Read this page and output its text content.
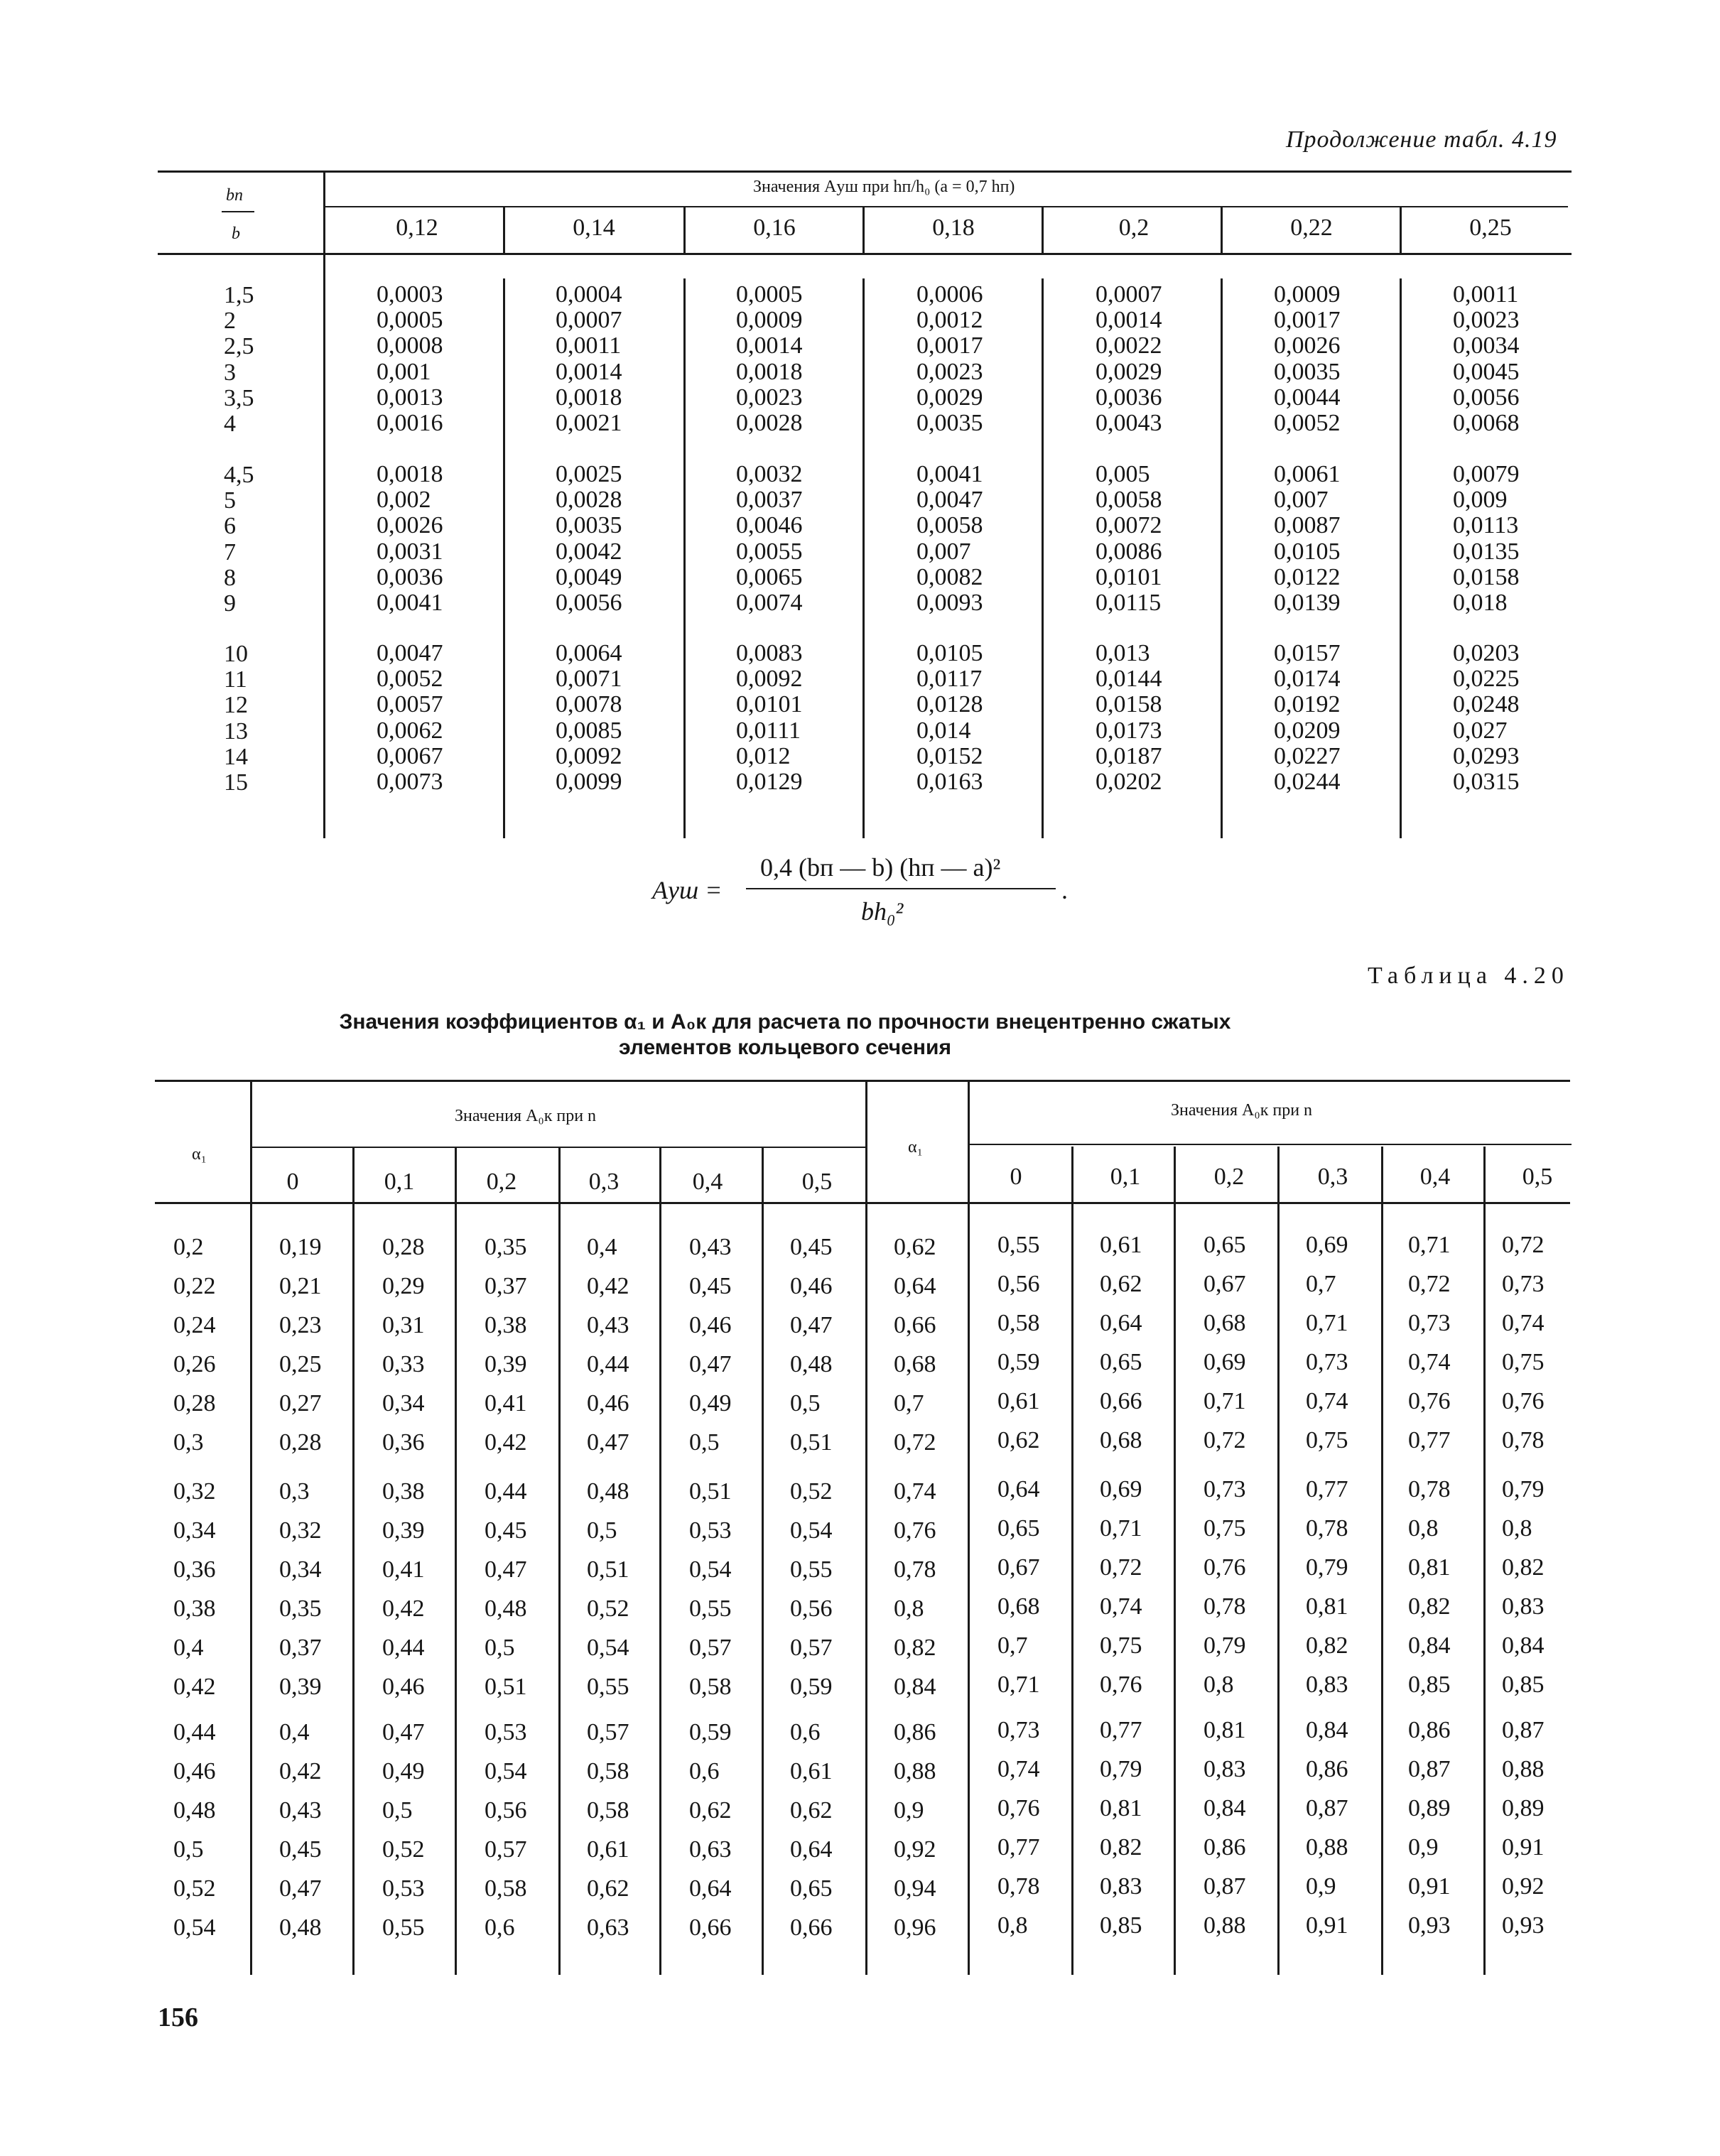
Продолжение табл. 4.19
bп
b
Значения Aуш при hп/h₀ (a = 0,7 hп)
0,12	0,14	0,16	0,18	0,2	0,22	0,25
1,5	0,0003	0,0004	0,0005	0,0006	0,0007	0,0009	0,0011
2	0,0005	0,0007	0,0009	0,0012	0,0014	0,0017	0,0023
2,5	0,0008	0,0011	0,0014	0,0017	0,0022	0,0026	0,0034
3	0,001	0,0014	0,0018	0,0023	0,0029	0,0035	0,0045
3,5	0,0013	0,0018	0,0023	0,0029	0,0036	0,0044	0,0056
4	0,0016	0,0021	0,0028	0,0035	0,0043	0,0052	0,0068
4,5	0,0018	0,0025	0,0032	0,0041	0,005	0,0061	0,0079
5	0,002	0,0028	0,0037	0,0047	0,0058	0,007	0,009
6	0,0026	0,0035	0,0046	0,0058	0,0072	0,0087	0,0113
7	0,0031	0,0042	0,0055	0,007	0,0086	0,0105	0,0135
8	0,0036	0,0049	0,0065	0,0082	0,0101	0,0122	0,0158
9	0,0041	0,0056	0,0074	0,0093	0,0115	0,0139	0,018
10	0,0047	0,0064	0,0083	0,0105	0,013	0,0157	0,0203
11	0,0052	0,0071	0,0092	0,0117	0,0144	0,0174	0,0225
12	0,0057	0,0078	0,0101	0,0128	0,0158	0,0192	0,0248
13	0,0062	0,0085	0,0111	0,014	0,0173	0,0209	0,027
14	0,0067	0,0092	0,012	0,0152	0,0187	0,0227	0,0293
15	0,0073	0,0099	0,0129	0,0163	0,0202	0,0244	0,0315
Aуш =
0,4 (bп — b) (hп — a)²
bh₀²
.
Таблица 4.20
Значения коэффициентов α₁ и A₀к для расчета по прочности внецентренно сжатых
элементов кольцевого сечения
α₁	α₁
Значения A₀к при n	Значения A₀к при n
0	0,1	0,2	0,3	0,4	0,5	0	0,1	0,2	0,3	0,4	0,5
0,2	0,19	0,28 0,35 0,4	0,43 0,45	0,62	0,55 0,61	0,65 0,69 0,71 0,72
0,22	0,21	0,29 0,37 0,42 0,45 0,46	0,64	0,56 0,62	0,67 0,7	0,72 0,73
0,24	0,23	0,31 0,38 0,43 0,46 0,47	0,66	0,58 0,64	0,68 0,71 0,73 0,74
0,26	0,25	0,33 0,39 0,44 0,47 0,48	0,68	0,59 0,65	0,69 0,73 0,74 0,75
0,28	0,27	0,34 0,41 0,46 0,49 0,5	0,7	0,61 0,66	0,71 0,74 0,76 0,76
0,3	0,28	0,36 0,42 0,47 0,5	0,51	0,72	0,62 0,68	0,72 0,75 0,77 0,78
0,32	0,3	0,38 0,44 0,48 0,51 0,52	0,74	0,64 0,69	0,73 0,77 0,78 0,79
0,34	0,32	0,39 0,45 0,5	0,53 0,54	0,76	0,65 0,71	0,75 0,78 0,8	0,8
0,36	0,34	0,41 0,47 0,51 0,54 0,55	0,78	0,67 0,72	0,76 0,79 0,81 0,82
0,38	0,35	0,42 0,48 0,52 0,55 0,56	0,8	0,68 0,74	0,78 0,81 0,82 0,83
0,4	0,37	0,44 0,5	0,54 0,57 0,57	0,82	0,7	0,75	0,79 0,82 0,84 0,84
0,42	0,39	0,46 0,51 0,55 0,58 0,59	0,84	0,71 0,76	0,8	0,83 0,85 0,85
0,44	0,4	0,47 0,53 0,57 0,59 0,6	0,86	0,73 0,77	0,81 0,84 0,86 0,87
0,46	0,42	0,49 0,54 0,58 0,6	0,61	0,88	0,74 0,79	0,83 0,86 0,87 0,88
0,48	0,43	0,5	0,56 0,58 0,62 0,62	0,9	0,76 0,81	0,84 0,87 0,89 0,89
0,5	0,45	0,52 0,57 0,61 0,63 0,64	0,92	0,77 0,82	0,86 0,88 0,9	0,91
0,52	0,47	0,53 0,58 0,62 0,64 0,65	0,94	0,78 0,83	0,87 0,9	0,91 0,92
0,54	0,48	0,55 0,6	0,63 0,66 0,66	0,96	0,8	0,85	0,88 0,91 0,93 0,93
156
